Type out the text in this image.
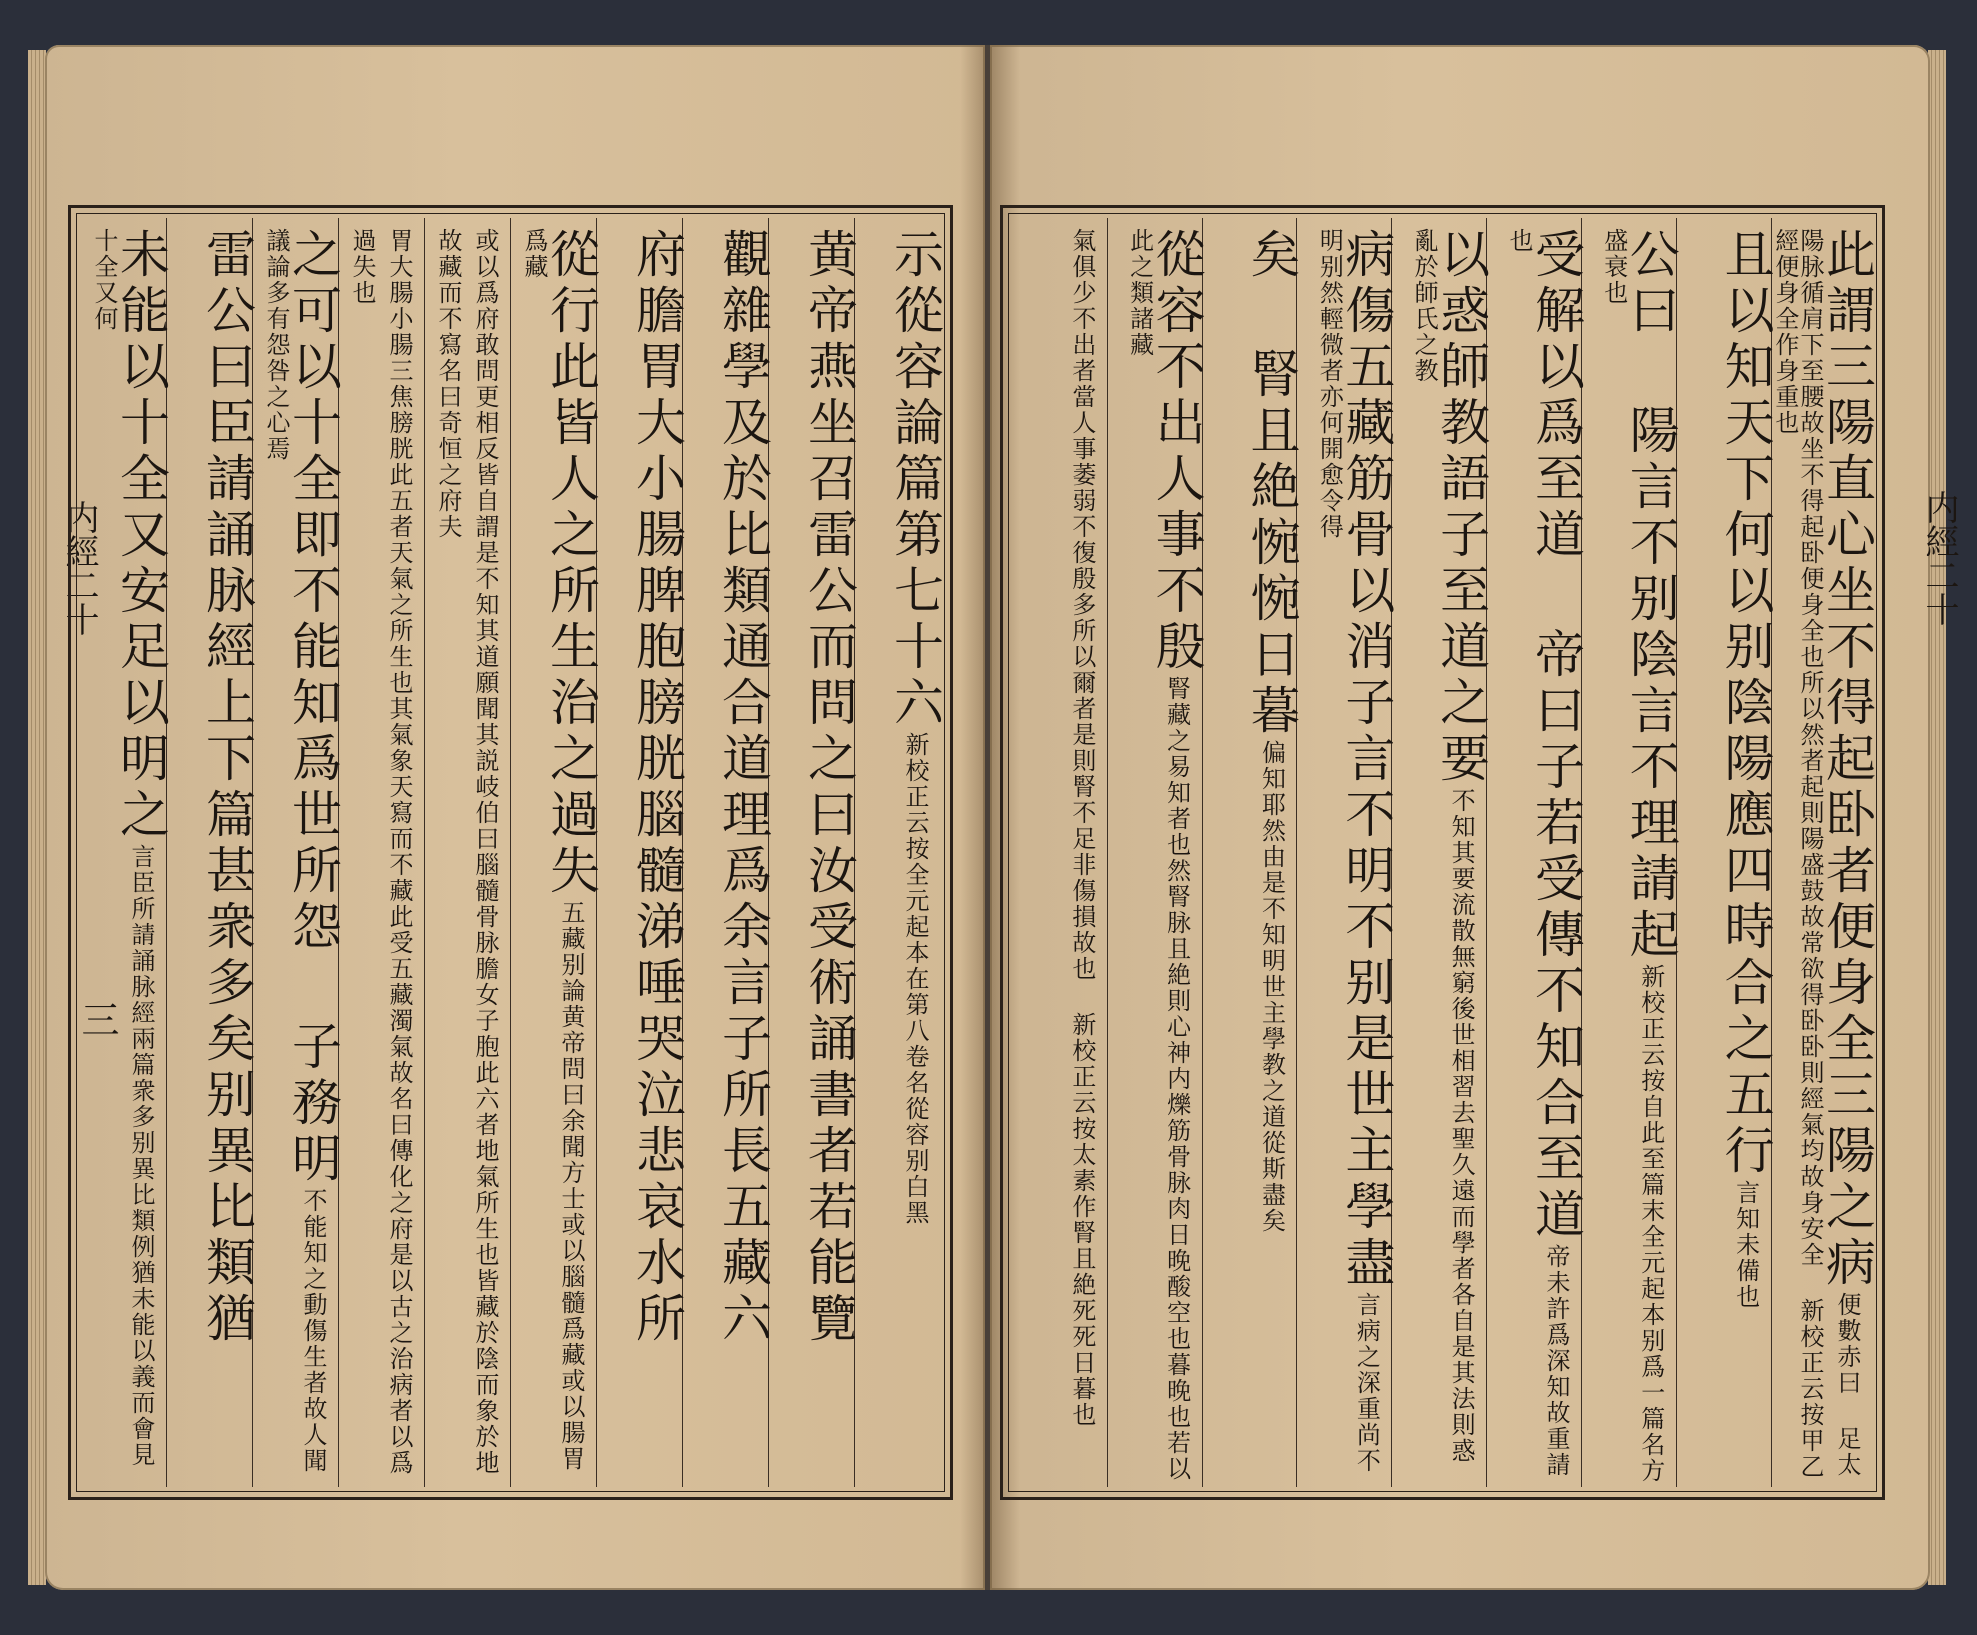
内經二十	内經二十
三
示從容論篇第七十六新校正云按全元起本在第八卷名從容别白黑
黄帝燕坐召雷公而問之曰汝受術誦書者若能覽
觀雜學及於比類通合道理爲余言子所長五藏六
府膽胃大小腸脾胞膀胱腦髓涕唾哭泣悲哀水所
從行此皆人之所生治之過失五藏别論黄帝問曰余聞方士或以腦髓爲藏或以腸胃爲藏
或以爲府敢問更相反皆自謂是不知其道願聞其説岐伯曰腦髓骨脉膽女子胞此六者地氣所生也皆藏於陰而象於地故藏而不寫名曰奇恒之府夫
胃大腸小腸三焦膀胱此五者天氣之所生也其氣象天寫而不藏此受五藏濁氣故名曰傳化之府是以古之治病者以爲過失也
之可以十全即不能知爲世所怨 子務明不能知之動傷生者故人聞議論多有怨咎之心焉
雷公曰臣請誦脉經上下篇甚衆多矣别異比類猶
未能以十全又安足以明之言臣所請誦脉經兩篇衆多别異比類例猶未能以義而會見十全又何	此謂三陽直心坐不得起卧者便身全三陽之病便數赤曰 足太陽脉循肩下至腰故坐不得起卧便身全也所以然者起則陽盛鼓故常欲得卧卧則經氣均故身安全 新校正云按甲乙經便身全作身重也
且以知天下何以别陰陽應四時合之五行言知未備也
公曰 陽言不别陰言不理請起新校正云按自此至篇末全元起本别爲一篇名方盛衰也
受解以爲至道 帝曰子若受傳不知合至道帝未許爲深知故重請也
以惑師教語子至道之要不知其要流散無窮後世相習去聖久遠而學者各自是其法則惑亂於師氏之教
病傷五藏筋骨以消子言不明不别是世主學盡言病之深重尚不明别然輕微者亦何開愈令得
矣 腎且絶惋惋日暮偏知耶然由是不知明世主學教之道從斯盡矣
從容不出人事不殷腎藏之易知者也然腎脉且絶則心神内爍筋骨脉肉日晚酸空也暮晚也若以此之類諸藏
氣俱少不出者當人事萎弱不復殷多所以爾者是則腎不足非傷損故也 新校正云按太素作腎且絶死死日暮也
